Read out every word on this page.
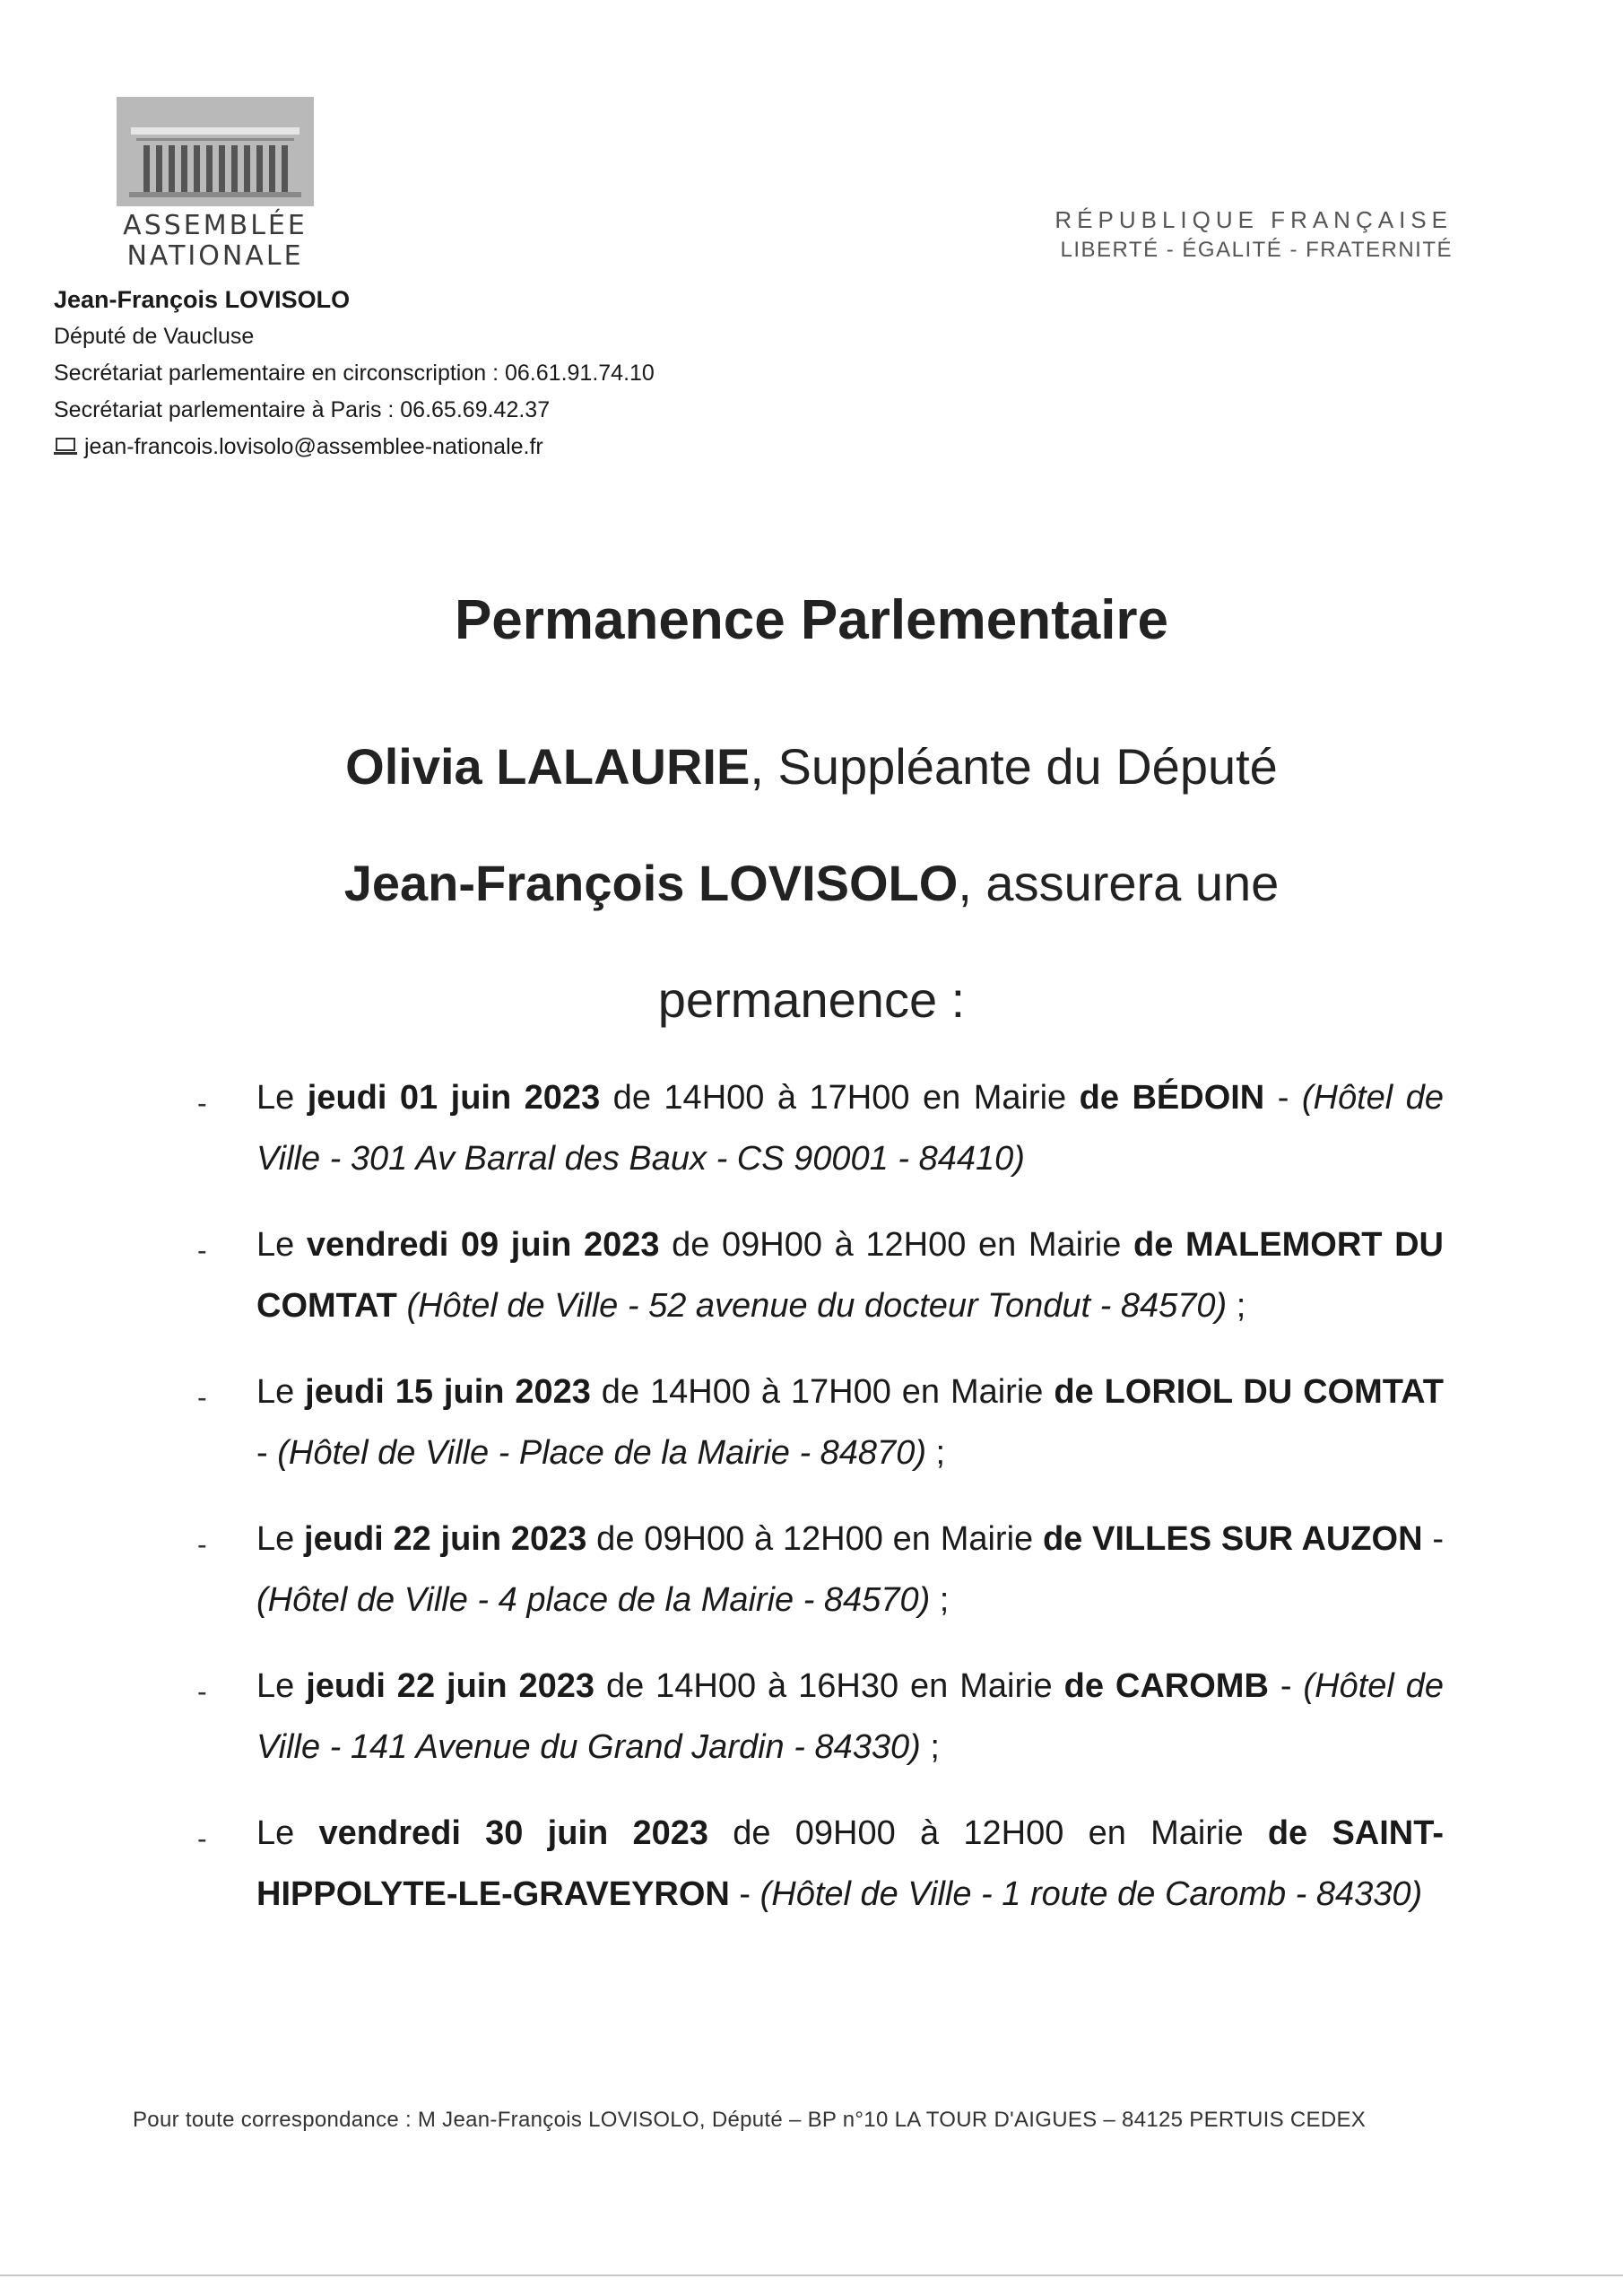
ASSEMBLÉE
NATIONALE
RÉPUBLIQUE FRANÇAISE
LIBERTÉ - ÉGALITÉ - FRATERNITÉ
Jean-François LOVISOLO
Député de Vaucluse
Secrétariat parlementaire en circonscription : 06.61.91.74.10
Secrétariat parlementaire à Paris : 06.65.69.42.37
jean-francois.lovisolo@assemblee-nationale.fr
Permanence Parlementaire
Olivia LALAURIE, Suppléante du Député
Jean-François LOVISOLO, assurera une
permanence :
- Le jeudi 01 juin 2023 de 14H00 à 17H00 en Mairie de BÉDOIN - (Hôtel de Ville - 301 Av Barral des Baux - CS 90001 - 84410)
- Le vendredi 09 juin 2023 de 09H00 à 12H00 en Mairie de MALEMORT DU COMTAT (Hôtel de Ville - 52 avenue du docteur Tondut - 84570) ;
- Le jeudi 15 juin 2023 de 14H00 à 17H00 en Mairie de LORIOL DU COMTAT - (Hôtel de Ville - Place de la Mairie - 84870) ;
- Le jeudi 22 juin 2023 de 09H00 à 12H00 en Mairie de VILLES SUR AUZON - (Hôtel de Ville - 4 place de la Mairie - 84570) ;
- Le jeudi 22 juin 2023 de 14H00 à 16H30 en Mairie de CAROMB - (Hôtel de Ville - 141 Avenue du Grand Jardin - 84330) ;
- Le vendredi 30 juin 2023 de 09H00 à 12H00 en Mairie de SAINT-HIPPOLYTE-LE-GRAVEYRON - (Hôtel de Ville - 1 route de Caromb - 84330)
Pour toute correspondance : M Jean-François LOVISOLO, Député – BP n°10 LA TOUR D'AIGUES – 84125 PERTUIS CEDEX
